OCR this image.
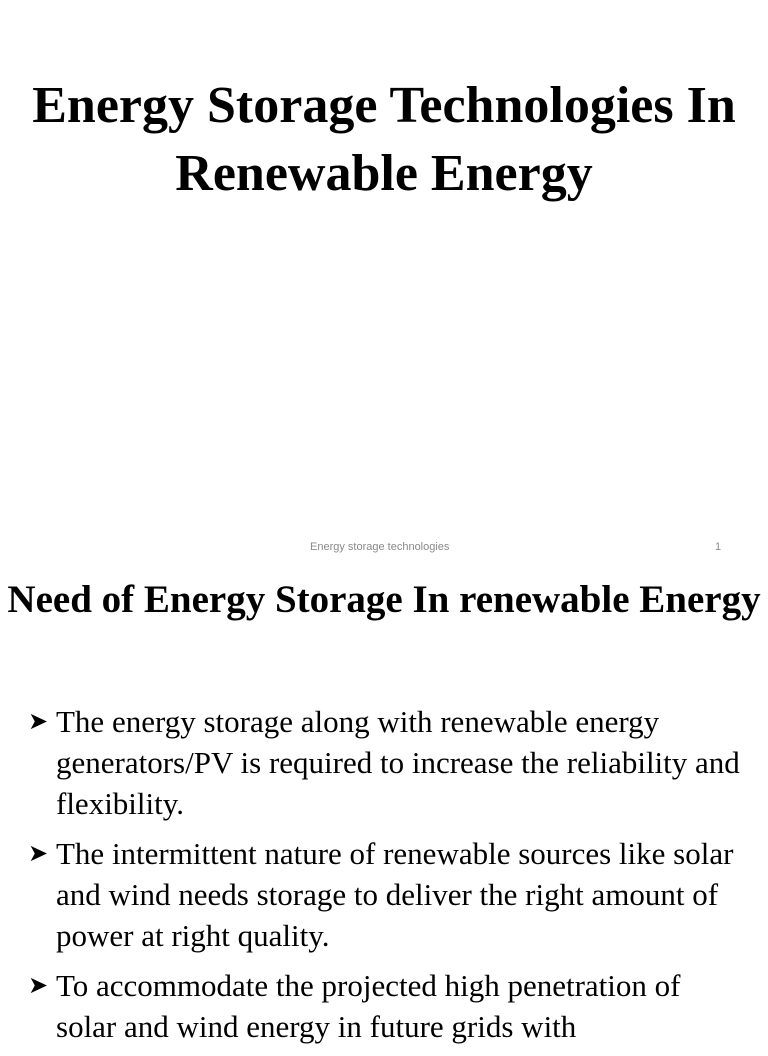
Energy Storage Technologies In Renewable Energy
Energy storage technologies	1
Need of Energy Storage In renewable Energy
➤ The energy storage along with renewable energy generators/PV is required to increase the reliability and flexibility.
➤ The intermittent nature of renewable sources like solar and wind needs storage to deliver the right amount of power at right quality.
➤ To accommodate the projected high penetration of solar and wind energy in future grids with
